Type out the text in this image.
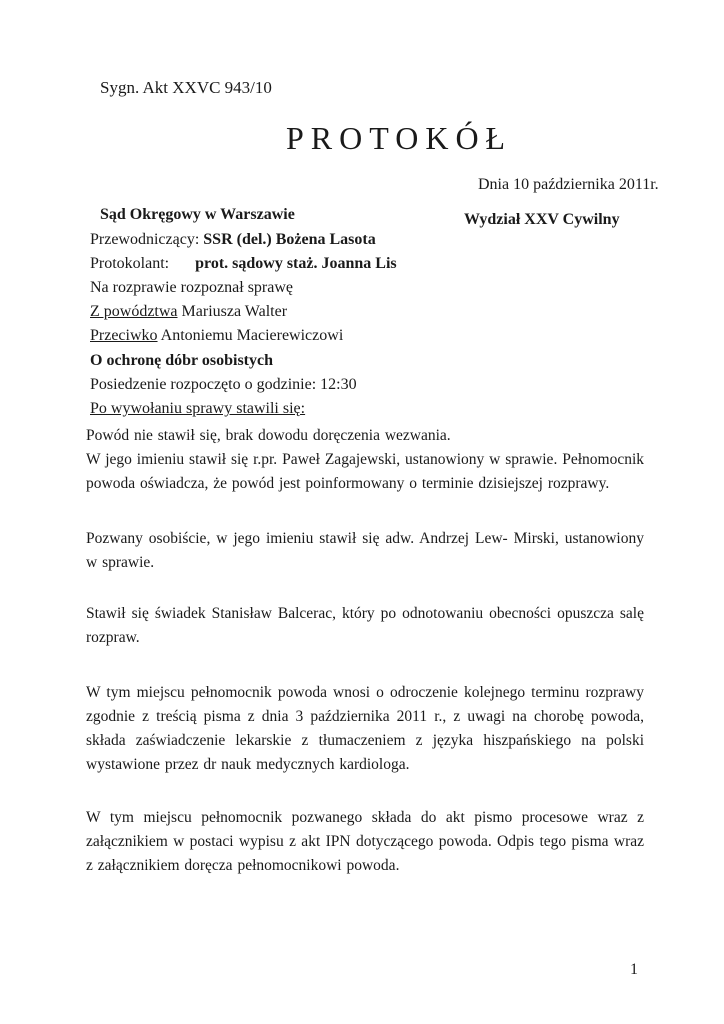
Sygn. Akt XXVC 943/10
PROTOKÓŁ
Dnia 10 października 2011r.
Sąd Okręgowy w Warszawie	Wydział XXV Cywilny
Przewodniczący: SSR (del.) Bożena Lasota
Protokolant: prot. sądowy staż. Joanna Lis
Na rozprawie rozpoznał sprawę
Z powództwa Mariusza Walter
Przeciwko Antoniemu Macierewiczowi
O ochronę dóbr osobistych
Posiedzenie rozpoczęto o godzinie: 12:30
Po wywołaniu sprawy stawili się:
Powód nie stawił się, brak dowodu doręczenia wezwania.
W jego imieniu stawił się r.pr. Paweł Zagajewski, ustanowiony w sprawie. Pełnomocnik powoda oświadcza, że powód jest poinformowany o terminie dzisiejszej rozprawy.
Pozwany osobiście, w jego imieniu stawił się adw. Andrzej Lew- Mirski, ustanowiony w sprawie.
Stawił się świadek Stanisław Balcerac, który po odnotowaniu obecności opuszcza salę rozpraw.
W tym miejscu pełnomocnik powoda wnosi o odroczenie kolejnego terminu rozprawy zgodnie z treścią pisma z dnia 3 października 2011 r., z uwagi na chorobę powoda, składa zaświadczenie lekarskie z tłumaczeniem z języka hiszpańskiego na polski wystawione przez dr nauk medycznych kardiologa.
W tym miejscu pełnomocnik pozwanego składa do akt pismo procesowe wraz z załącznikiem w postaci wypisu z akt IPN dotyczącego powoda. Odpis tego pisma wraz z załącznikiem doręcza pełnomocnikowi powoda.
1
